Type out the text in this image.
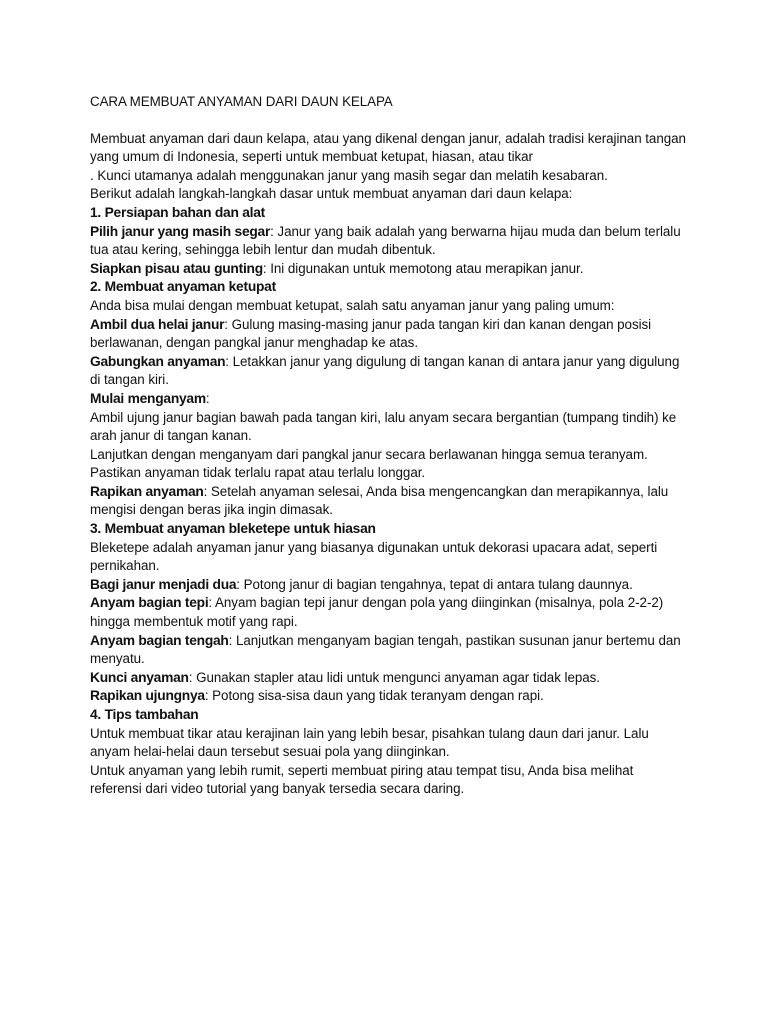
CARA MEMBUAT ANYAMAN DARI DAUN KELAPA

Membuat anyaman dari daun kelapa, atau yang dikenal dengan janur, adalah tradisi kerajinan tangan yang umum di Indonesia, seperti untuk membuat ketupat, hiasan, atau tikar

. Kunci utamanya adalah menggunakan janur yang masih segar dan melatih kesabaran.

Berikut adalah langkah-langkah dasar untuk membuat anyaman dari daun kelapa:

1. Persiapan bahan dan alat

Pilih janur yang masih segar: Janur yang baik adalah yang berwarna hijau muda dan belum terlalu tua atau kering, sehingga lebih lentur dan mudah dibentuk.

Siapkan pisau atau gunting: Ini digunakan untuk memotong atau merapikan janur.

2. Membuat anyaman ketupat

Anda bisa mulai dengan membuat ketupat, salah satu anyaman janur yang paling umum:

Ambil dua helai janur: Gulung masing-masing janur pada tangan kiri dan kanan dengan posisi berlawanan, dengan pangkal janur menghadap ke atas.

Gabungkan anyaman: Letakkan janur yang digulung di tangan kanan di antara janur yang digulung di tangan kiri.

Mulai menganyam:

Ambil ujung janur bagian bawah pada tangan kiri, lalu anyam secara bergantian (tumpang tindih) ke arah janur di tangan kanan.

Lanjutkan dengan menganyam dari pangkal janur secara berlawanan hingga semua teranyam.

Pastikan anyaman tidak terlalu rapat atau terlalu longgar.

Rapikan anyaman: Setelah anyaman selesai, Anda bisa mengencangkan dan merapikannya, lalu mengisi dengan beras jika ingin dimasak.

3. Membuat anyaman bleketepe untuk hiasan

Bleketepe adalah anyaman janur yang biasanya digunakan untuk dekorasi upacara adat, seperti pernikahan.

Bagi janur menjadi dua: Potong janur di bagian tengahnya, tepat di antara tulang daunnya.

Anyam bagian tepi: Anyam bagian tepi janur dengan pola yang diinginkan (misalnya, pola 2-2-2) hingga membentuk motif yang rapi.

Anyam bagian tengah: Lanjutkan menganyam bagian tengah, pastikan susunan janur bertemu dan menyatu.

Kunci anyaman: Gunakan stapler atau lidi untuk mengunci anyaman agar tidak lepas.

Rapikan ujungnya: Potong sisa-sisa daun yang tidak teranyam dengan rapi.

4. Tips tambahan

Untuk membuat tikar atau kerajinan lain yang lebih besar, pisahkan tulang daun dari janur. Lalu anyam helai-helai daun tersebut sesuai pola yang diinginkan.

Untuk anyaman yang lebih rumit, seperti membuat piring atau tempat tisu, Anda bisa melihat referensi dari video tutorial yang banyak tersedia secara daring.
